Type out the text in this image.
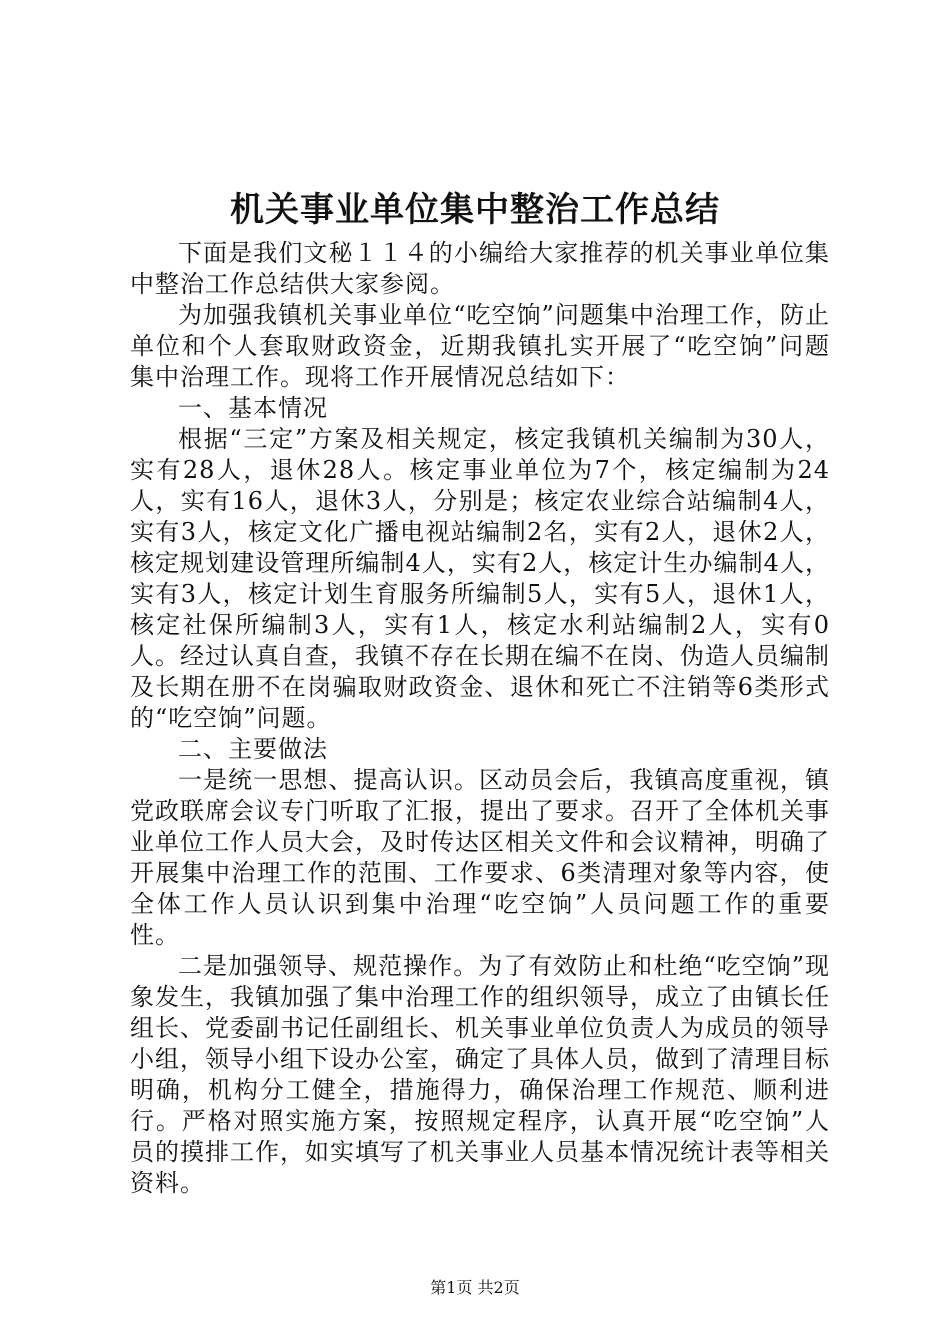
机关事业单位集中整治工作总结

下面是我们文秘１１４的小编给大家推荐的机关事业单位集中整治工作总结供大家参阅。

为加强我镇机关事业单位“吃空饷”问题集中治理工作，防止单位和个人套取财政资金，近期我镇扎实开展了“吃空饷”问题集中治理工作。现将工作开展情况总结如下：

一、基本情况

根据“三定”方案及相关规定，核定我镇机关编制为30人，实有28人，退休28人。核定事业单位为7个，核定编制为24人，实有16人，退休3人，分别是；核定农业综合站编制4人，实有3人，核定文化广播电视站编制2名，实有2人，退休2人，核定规划建设管理所编制4人，实有2人，核定计生办编制4人，实有3人，核定计划生育服务所编制5人，实有5人，退休1人，核定社保所编制3人，实有1人，核定水利站编制2人，实有0人。经过认真自查，我镇不存在长期在编不在岗、伪造人员编制及长期在册不在岗骗取财政资金、退休和死亡不注销等6类形式的“吃空饷”问题。

二、主要做法

一是统一思想、提高认识。区动员会后，我镇高度重视，镇党政联席会议专门听取了汇报，提出了要求。召开了全体机关事业单位工作人员大会，及时传达区相关文件和会议精神，明确了开展集中治理工作的范围、工作要求、6类清理对象等内容，使全体工作人员认识到集中治理“吃空饷”人员问题工作的重要性。

二是加强领导、规范操作。为了有效防止和杜绝“吃空饷”现象发生，我镇加强了集中治理工作的组织领导，成立了由镇长任组长、党委副书记任副组长、机关事业单位负责人为成员的领导小组，领导小组下设办公室，确定了具体人员，做到了清理目标明确，机构分工健全，措施得力，确保治理工作规范、顺利进行。严格对照实施方案，按照规定程序，认真开展“吃空饷”人员的摸排工作，如实填写了机关事业人员基本情况统计表等相关资料。

第1页 共2页
